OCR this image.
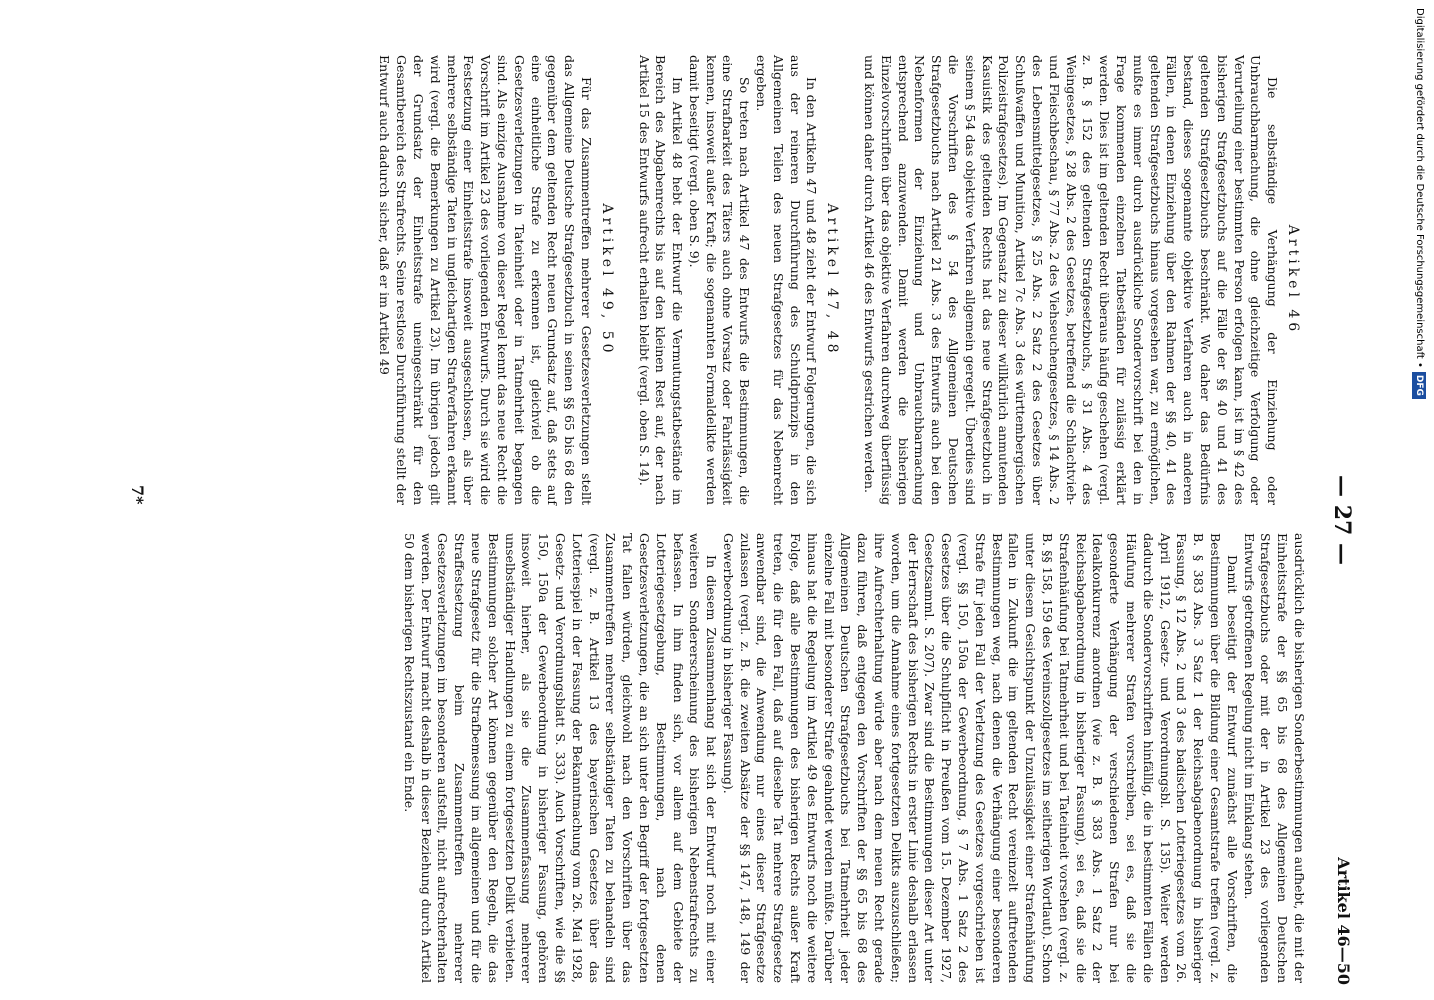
— 27 —
Artikel 46—50
Artikel 46

Die selbständige Verhängung der Einziehung oder Unbrauchbarmachung, die ohne gleichzeitige Verfolgung oder Verurteilung einer bestimmten Person erfolgen kann, ist im § 42 des bisherigen Strafgesetzbuchs auf die Fälle der §§ 40 und 41 des geltenden Strafgesetzbuchs beschränkt. Wo daher das Bedürfnis bestand, dieses sogenannte objektive Verfahren auch in anderen Fällen, in denen Einziehung über den Rahmen der §§ 40, 41 des geltenden Strafgesetzbuchs hinaus vorgesehen war, zu ermöglichen, mußte es immer durch ausdrückliche Sondervorschrift bei den in Frage kommenden einzelnen Tatbeständen für zulässig erklärt werden. Dies ist im geltenden Recht überaus häufig geschehen (vergl. z. B. § 152 des geltenden Strafgesetzbuchs, § 31 Abs. 4 des Weingesetzes, § 28 Abs. 2 des Gesetzes, betreffend die Schlachtvieh- und Fleischbeschau, § 77 Abs. 2 des Viehseuchengesetzes, § 14 Abs. 2 des Lebensmittelgesetzes, § 25 Abs. 2 Satz 2 des Gesetzes über Schußwaffen und Munition, Artikel 7c Abs. 3 des württembergischen Polizeistrafgesetzes). Im Gegensatz zu dieser willkürlich anmutenden Kasuistik des geltenden Rechts hat das neue Strafgesetzbuch in seinem § 54 das objektive Verfahren allgemein geregelt. Überdies sind die Vorschriften des § 54 des Allgemeinen Deutschen Strafgesetzbuchs nach Artikel 21 Abs. 3 des Entwurfs auch bei den Nebenformen der Einziehung und Unbrauchbarmachung entsprechend anzuwenden. Damit werden die bisherigen Einzelvorschriften über das objektive Verfahren durchweg überflüssig und können daher durch Artikel 46 des Entwurfs gestrichen werden.

Artikel 47, 48

In den Artikeln 47 und 48 zieht der Entwurf Folgerungen, die sich aus der reineren Durchführung des Schuldprinzips in den Allgemeinen Teilen des neuen Strafgesetzes für das Nebenrecht ergeben.

So treten nach Artikel 47 des Entwurfs die Bestimmungen, die eine Strafbarkeit des Täters auch ohne Vorsatz oder Fahrlässigkeit kennen, insoweit außer Kraft; die sogenannten Formaldelikte werden damit beseitigt (vergl. oben S. 9).

Im Artikel 48 hebt der Entwurf die Vermutungstatbestände im Bereich des Abgabenrechts bis auf den kleinen Rest auf, der nach Artikel 15 des Entwurfs aufrecht erhalten bleibt (vergl. oben S. 14).

Artikel 49, 50

Für das Zusammentreffen mehrerer Gesetzesverletzungen stellt das Allgemeine Deutsche Strafgesetzbuch in seinen §§ 65 bis 68 den gegenüber dem geltenden Recht neuen Grundsatz auf, daß stets auf eine einheitliche Strafe zu erkennen ist, gleichviel ob die Gesetzesverletzungen in Tateinheit oder in Tatmehrheit begangen sind. Als einzige Ausnahme von dieser Regel kennt das neue Recht die Vorschrift im Artikel 23 des vorliegenden Entwurfs. Durch sie wird die Festsetzung einer Einheitsstrafe insoweit ausgeschlossen, als über mehrere selbständige Taten in ungleichartigen Strafverfahren erkannt wird (vergl. die Bemerkungen zu Artikel 23). Im übrigen jedoch gilt der Grundsatz der Einheitsstrafe uneingeschränkt für den Gesamtbereich des Strafrechts. Seine restlose Durchführung stellt der Entwurf auch dadurch sicher, daß er im Artikel 49

ausdrücklich die bisherigen Sonderbestimmungen aufhebt, die mit der Einheitsstrafe der §§ 65 bis 68 des Allgemeinen Deutschen Strafgesetzbuchs oder mit der in Artikel 23 des vorliegenden Entwurfs getroffenen Regelung nicht im Einklang stehen.

Damit beseitigt der Entwurf zunächst alle Vorschriften, die Bestimmungen über die Bildung einer Gesamtstrafe treffen (vergl. z. B. § 383 Abs. 3 Satz 1 der Reichsabgabenordnung in bisheriger Fassung, § 12 Abs. 2 und 3 des badischen Lotteriegesetzes vom 26. April 1912, Gesetz- und Verordnungsbl. S. 135). Weiter werden dadurch die Sondervorschriften hinfällig, die in bestimmten Fällen die Häufung mehrerer Strafen vorschreiben, sei es, daß sie die gesonderte Verhängung der verschiedenen Strafen nur bei Idealkonkurrenz anordnen (wie z. B. § 383 Abs. 1 Satz 2 der Reichsabgabenordnung in bisheriger Fassung), sei es, daß sie die Strafenhäufung bei Tatmehrheit und bei Tateinheit vorsehen (vergl. z. B. §§ 158, 159 des Vereinszollgesetzes im seitherigen Wortlaut). Schon unter diesem Gesichtspunkt der Unzulässigkeit einer Strafenhäufung fallen in Zukunft die im geltenden Recht vereinzelt auftretenden Bestimmungen weg, nach denen die Verhängung einer besonderen Strafe für jeden Fall der Verletzung des Gesetzes vorgeschrieben ist (vergl. §§ 150, 150a der Gewerbeordnung, § 7 Abs. 1 Satz 2 des Gesetzes über die Schulpflicht in Preußen vom 15. Dezember 1927, Gesetzsamml. S. 207). Zwar sind die Bestimmungen dieser Art unter der Herrschaft des bisherigen Rechts in erster Linie deshalb erlassen worden, um die Annahme eines fortgesetzten Delikts auszuschließen; ihre Aufrechterhaltung würde aber nach dem neuen Recht gerade dazu führen, daß entgegen den Vorschriften der §§ 65 bis 68 des Allgemeinen Deutschen Strafgesetzbuchs bei Tatmehrheit jeder einzelne Fall mit besonderer Strafe geahndet werden müßte. Darüber hinaus hat die Regelung im Artikel 49 des Entwurfs noch die weitere Folge, daß alle Bestimmungen des bisherigen Rechts außer Kraft treten, die für den Fall, daß auf dieselbe Tat mehrere Strafgesetze anwendbar sind, die Anwendung nur eines dieser Strafgesetze zulassen (vergl. z. B. die zweiten Absätze der §§ 147, 148, 149 der Gewerbeordnung in bisheriger Fassung).

In diesem Zusammenhang hat sich der Entwurf noch mit einer weiteren Sondererscheinung des bisherigen Nebenstrafrechts zu befassen. In ihm finden sich, vor allem auf dem Gebiete der Lotteriegesetzgebung, Bestimmungen, nach denen Gesetzesverletzungen, die an sich unter den Begriff der fortgesetzten Tat fallen würden, gleichwohl nach den Vorschriften über das Zusammentreffen mehrerer selbständiger Taten zu behandeln sind (vergl. z. B. Artikel 13 des bayerischen Gesetzes über das Lotteriespiel in der Fassung der Bekanntmachung vom 26. Mai 1928, Gesetz- und Verordnungsblatt S. 333). Auch Vorschriften, wie die §§ 150, 150a der Gewerbeordnung in bisheriger Fassung, gehören insoweit hierher, als sie die Zusammenfassung mehrerer unselbständiger Handlungen zu einem fortgesetzten Delikt verbieten. Bestimmungen solcher Art können gegenüber den Regeln, die das neue Strafgesetz für die Strafbemessung im allgemeinen und für die Straffestsetzung beim Zusammentreffen mehrerer Gesetzesverletzungen im besonderen aufstellt, nicht aufrechterhalten werden. Der Entwurf macht deshalb in dieser Beziehung durch Artikel 50 dem bisherigen Rechtszustand ein Ende.

7*
Digitalisierung gefördert durch die Deutsche Forschungsgemeinschaft •DFG
